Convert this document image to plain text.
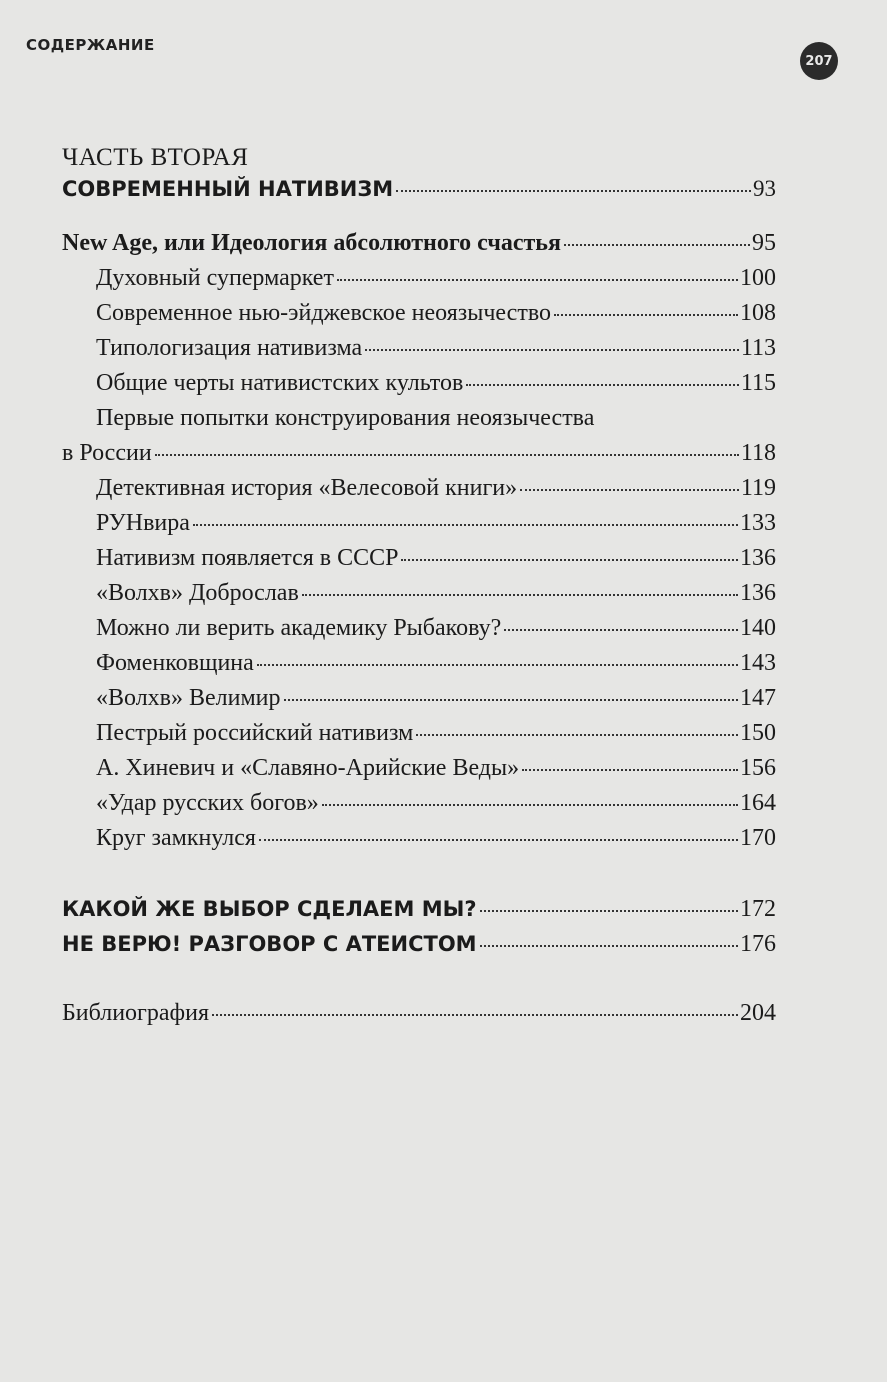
СОДЕРЖАНИЕ
207
ЧАСТЬ ВТОРАЯ
СОВРЕМЕННЫЙ НАТИВИЗМ	93
New Age, или Идеология абсолютного счастья	95
Духовный супермаркет	100
Современное нью-эйджевское неоязычество	108
Типологизация нативизма	113
Общие черты нативистских культов	115
Первые попытки конструирования неоязычества
в России	118
Детективная история «Велесовой книги»	119
РУНвира	133
Нативизм появляется в СССР	136
«Волхв» Доброслав	136
Можно ли верить академику Рыбакову?	140
Фоменковщина	143
«Волхв» Велимир	147
Пестрый российский нативизм	150
А. Хиневич и «Славяно-Арийские Веды»	156
«Удар русских богов»	164
Круг замкнулся	170
КАКОЙ ЖЕ ВЫБОР СДЕЛАЕМ МЫ?	172
НЕ ВЕРЮ! РАЗГОВОР С АТЕИСТОМ	176
Библиография	204
